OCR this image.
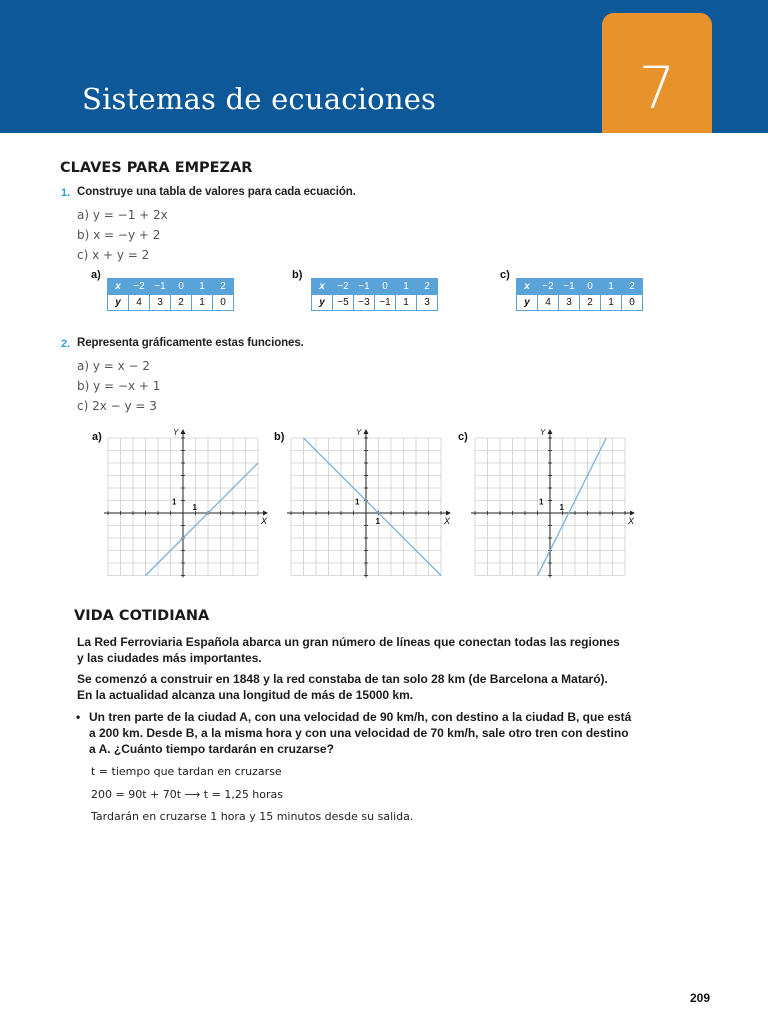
Sistemas de ecuaciones	7
CLAVES PARA EMPEZAR
1. Construye una tabla de valores para cada ecuación.
a) y = −1 + 2x
b) x = −y + 2
c) x + y = 2
a)
x	−2	−1	0	1	2
y	4	3	2	1	0
b)
x	−2	−1	0	1	2
y	−5	−3	−1	1	3
c)
x	−2	−1	0	1	2
y	4	3	2	1	0
2. Representa gráficamente estas funciones.
a) y = x − 2
b) y = −x + 1
c) 2x − y = 3
a)
X
Y
1
1
b)
X
Y
1
1
c)
X
Y
1
1
VIDA COTIDIANA
La Red Ferroviaria Española abarca un gran número de líneas que conectan todas las regiones
y las ciudades más importantes.
Se comenzó a construir en 1848 y la red constaba de tan solo 28 km (de Barcelona a Mataró).
En la actualidad alcanza una longitud de más de 15000 km.
• Un tren parte de la ciudad A, con una velocidad de 90 km/h, con destino a la ciudad B, que está
a 200 km. Desde B, a la misma hora y con una velocidad de 70 km/h, sale otro tren con destino
a A. ¿Cuánto tiempo tardarán en cruzarse?
t = tiempo que tardan en cruzarse
200 = 90t + 70t ⟶ t = 1,25 horas
Tardarán en cruzarse 1 hora y 15 minutos desde su salida.
209
